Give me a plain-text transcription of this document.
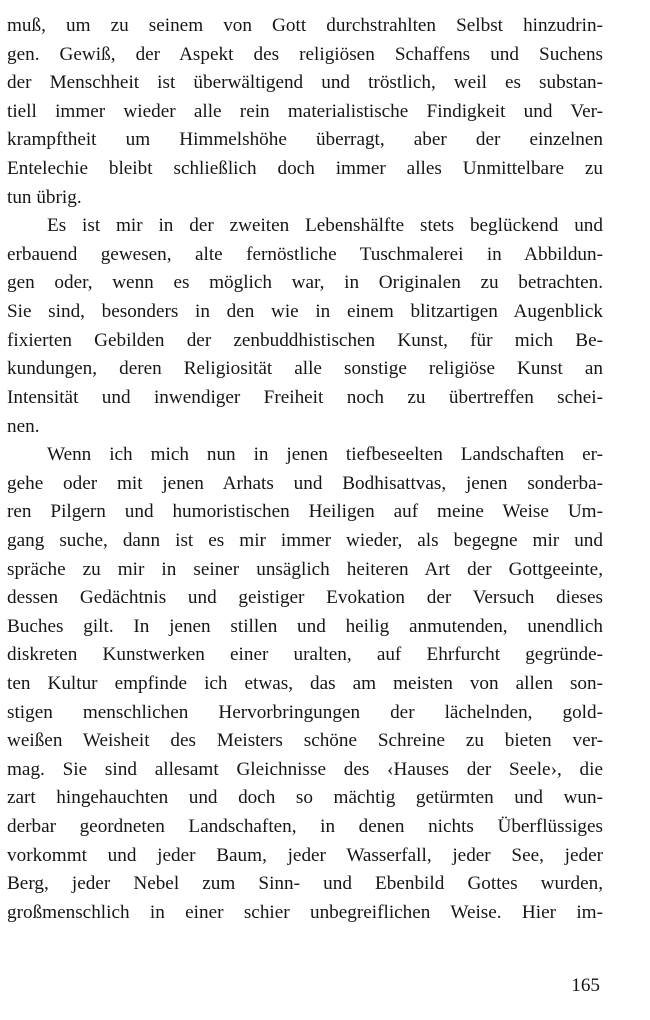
muß, um zu seinem von Gott durchstrahlten Selbst hinzudrin-
gen. Gewiß, der Aspekt des religiösen Schaffens und Suchens
der Menschheit ist überwältigend und tröstlich, weil es substan-
tiell immer wieder alle rein materialistische Findigkeit und Ver-
krampftheit um Himmelshöhe überragt, aber der einzelnen
Entelechie bleibt schließlich doch immer alles Unmittelbare zu
tun übrig.
Es ist mir in der zweiten Lebenshälfte stets beglückend und
erbauend gewesen, alte fernöstliche Tuschmalerei in Abbildun-
gen oder, wenn es möglich war, in Originalen zu betrachten.
Sie sind, besonders in den wie in einem blitzartigen Augenblick
fixierten Gebilden der zenbuddhistischen Kunst, für mich Be-
kundungen, deren Religiosität alle sonstige religiöse Kunst an
Intensität und inwendiger Freiheit noch zu übertreffen schei-
nen.
Wenn ich mich nun in jenen tiefbeseelten Landschaften er-
gehe oder mit jenen Arhats und Bodhisattvas, jenen sonderba-
ren Pilgern und humoristischen Heiligen auf meine Weise Um-
gang suche, dann ist es mir immer wieder, als begegne mir und
spräche zu mir in seiner unsäglich heiteren Art der Gottgeeinte,
dessen Gedächtnis und geistiger Evokation der Versuch dieses
Buches gilt. In jenen stillen und heilig anmutenden, unendlich
diskreten Kunstwerken einer uralten, auf Ehrfurcht gegründe-
ten Kultur empfinde ich etwas, das am meisten von allen son-
stigen menschlichen Hervorbringungen der lächelnden, gold-
weißen Weisheit des Meisters schöne Schreine zu bieten ver-
mag. Sie sind allesamt Gleichnisse des ‹Hauses der Seele›, die
zart hingehauchten und doch so mächtig getürmten und wun-
derbar geordneten Landschaften, in denen nichts Überflüssiges
vorkommt und jeder Baum, jeder Wasserfall, jeder See, jeder
Berg, jeder Nebel zum Sinn- und Ebenbild Gottes wurden,
großmenschlich in einer schier unbegreiflichen Weise. Hier im-
165
